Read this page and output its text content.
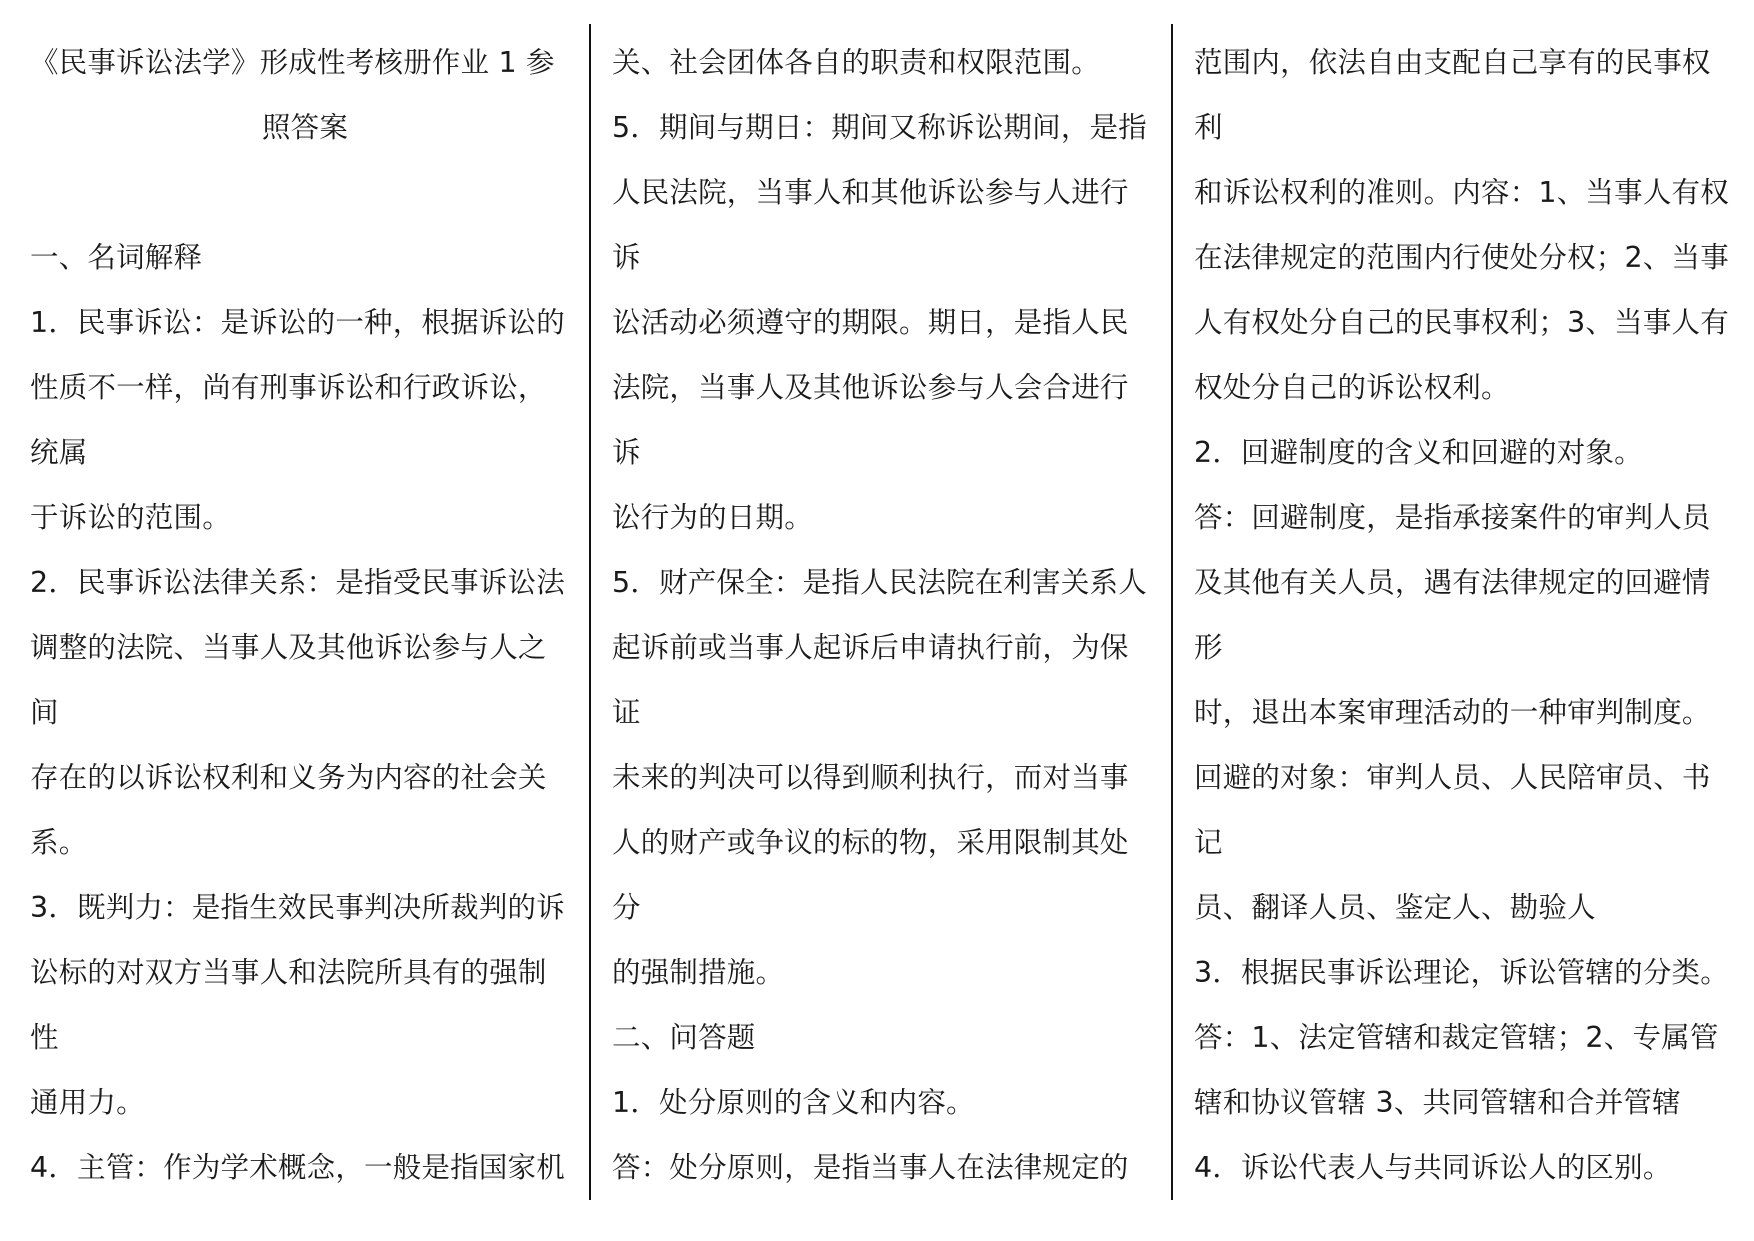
《民事诉讼法学》形成性考核册作业 1 参
照答案
一、名词解释
1．民事诉讼：是诉讼的一种，根据诉讼的
性质不一样，尚有刑事诉讼和行政诉讼，
统属
于诉讼的范围。
2．民事诉讼法律关系：是指受民事诉讼法
调整的法院、当事人及其他诉讼参与人之
间
存在的以诉讼权利和义务为内容的社会关
系。
3．既判力：是指生效民事判决所裁判的诉
讼标的对双方当事人和法院所具有的强制
性
通用力。
4．主管：作为学术概念，一般是指国家机
关、社会团体各自的职责和权限范围。
5．期间与期日：期间又称诉讼期间，是指
人民法院，当事人和其他诉讼参与人进行
诉
讼活动必须遵守的期限。期日，是指人民
法院，当事人及其他诉讼参与人会合进行
诉
讼行为的日期。
5．财产保全：是指人民法院在利害关系人
起诉前或当事人起诉后申请执行前，为保
证
未来的判决可以得到顺利执行，而对当事
人的财产或争议的标的物，采用限制其处
分
的强制措施。
二、问答题
1．处分原则的含义和内容。
答：处分原则，是指当事人在法律规定的
范围内，依法自由支配自己享有的民事权
利
和诉讼权利的准则。内容：1、当事人有权
在法律规定的范围内行使处分权；2、当事
人有权处分自己的民事权利；3、当事人有
权处分自己的诉讼权利。
2．回避制度的含义和回避的对象。
答：回避制度，是指承接案件的审判人员
及其他有关人员，遇有法律规定的回避情
形
时，退出本案审理活动的一种审判制度。
回避的对象：审判人员、人民陪审员、书
记
员、翻译人员、鉴定人、勘验人
3．根据民事诉讼理论，诉讼管辖的分类。
答：1、法定管辖和裁定管辖；2、专属管
辖和协议管辖 3、共同管辖和合并管辖
4．诉讼代表人与共同诉讼人的区别。
